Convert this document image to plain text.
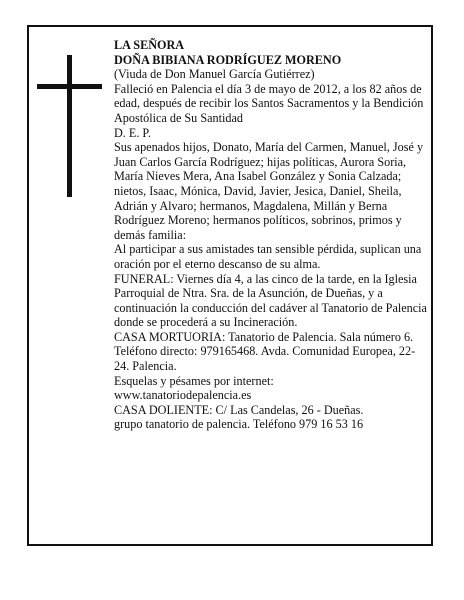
LA SEÑORA

DOÑA BIBIANA RODRÍGUEZ MORENO

(Viuda de Don Manuel García Gutiérrez)

Falleció en Palencia el día 3 de mayo de 2012, a los 82 años de edad, después de recibir los Santos Sacramentos y la Bendición Apostólica de Su Santidad

D. E. P.

Sus apenados hijos, Donato, María del Carmen, Manuel, José y Juan Carlos García Rodríguez; hijas políticas, Aurora Soria, María Nieves Mera, Ana Isabel González y Sonia Calzada; nietos, Isaac, Mónica, David, Javier, Jesica, Daniel, Sheila, Adrián y Alvaro; hermanos, Magdalena, Millán y Berna Rodríguez Moreno; hermanos políticos, sobrinos, primos y demás familia:

Al participar a sus amistades tan sensible pérdida, suplican una oración por el eterno descanso de su alma.

FUNERAL: Viernes día 4, a las cinco de la tarde, en la Iglesia Parroquial de Ntra. Sra. de la Asunción, de Dueñas, y a continuación la conducción del cadáver al Tanatorio de Palencia donde se procederá a su Incineración.

CASA MORTUORIA: Tanatorio de Palencia. Sala número 6. Teléfono directo: 979165468. Avda. Comunidad Europea, 22-24. Palencia.

Esquelas y pésames por internet:

www.tanatoriodepalencia.es

CASA DOLIENTE: C/ Las Candelas, 26 - Dueñas.

grupo tanatorio de palencia. Teléfono 979 16 53 16
